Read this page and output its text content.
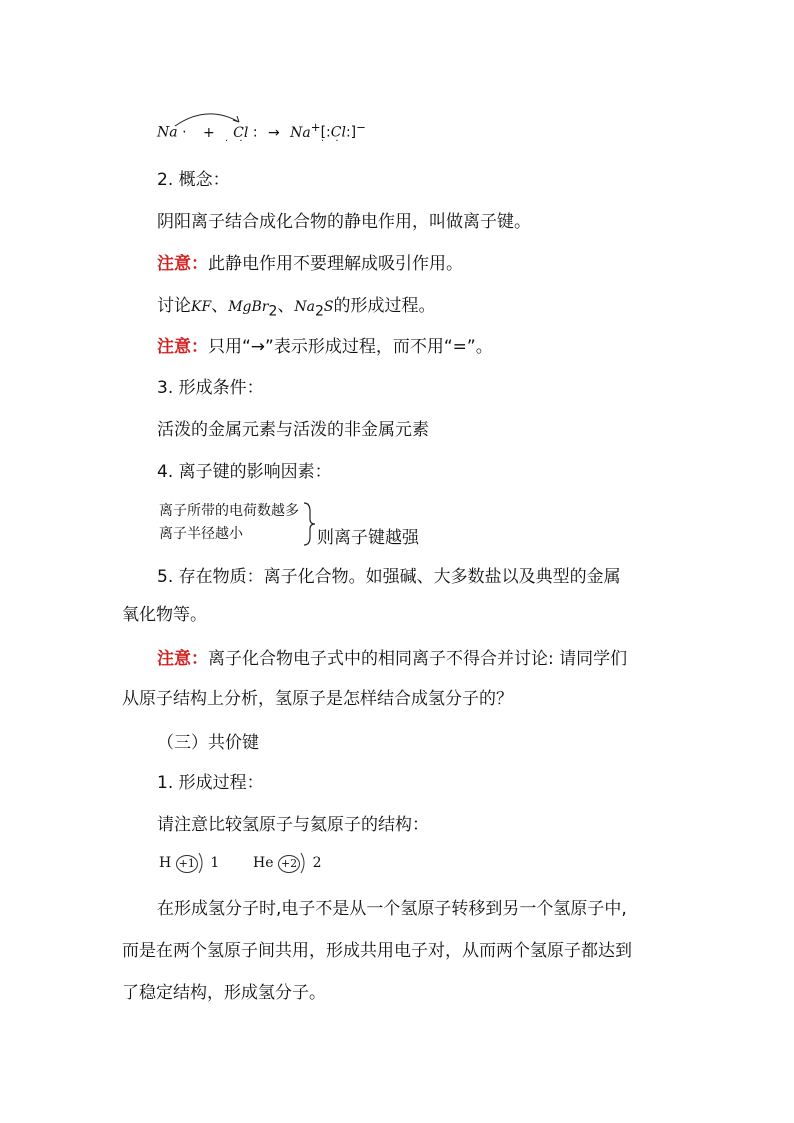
Na · + Cl : → Na+[:Cl:]−
· ·	· ·
2. 概念：
阴阳离子结合成化合物的静电作用，叫做离子键。
注意：此静电作用不要理解成吸引作用。
讨论KF、MgBr$_2$、$Na_2S$的形成过程。
注意：只用“→”表示形成过程，而不用“=”。
3. 形成条件：
活泼的金属元素与活泼的非金属元素
4. 离子键的影响因素：
离子所带的电荷数越多
离子半径越小	则离子键越强
5. 存在物质：离子化合物。如强碱、大多数盐以及典型的金属
氧化物等。
注意：离子化合物电子式中的相同离子不得合并讨论: 请同学们
从原子结构上分析，氢原子是怎样结合成氢分子的？
（三）共价键
1. 形成过程：
请注意比较氢原子与氦原子的结构：
H +1 1 He +2 2
在形成氢分子时,电子不是从一个氢原子转移到另一个氢原子中,
而是在两个氢原子间共用，形成共用电子对，从而两个氢原子都达到
了稳定结构，形成氢分子。
